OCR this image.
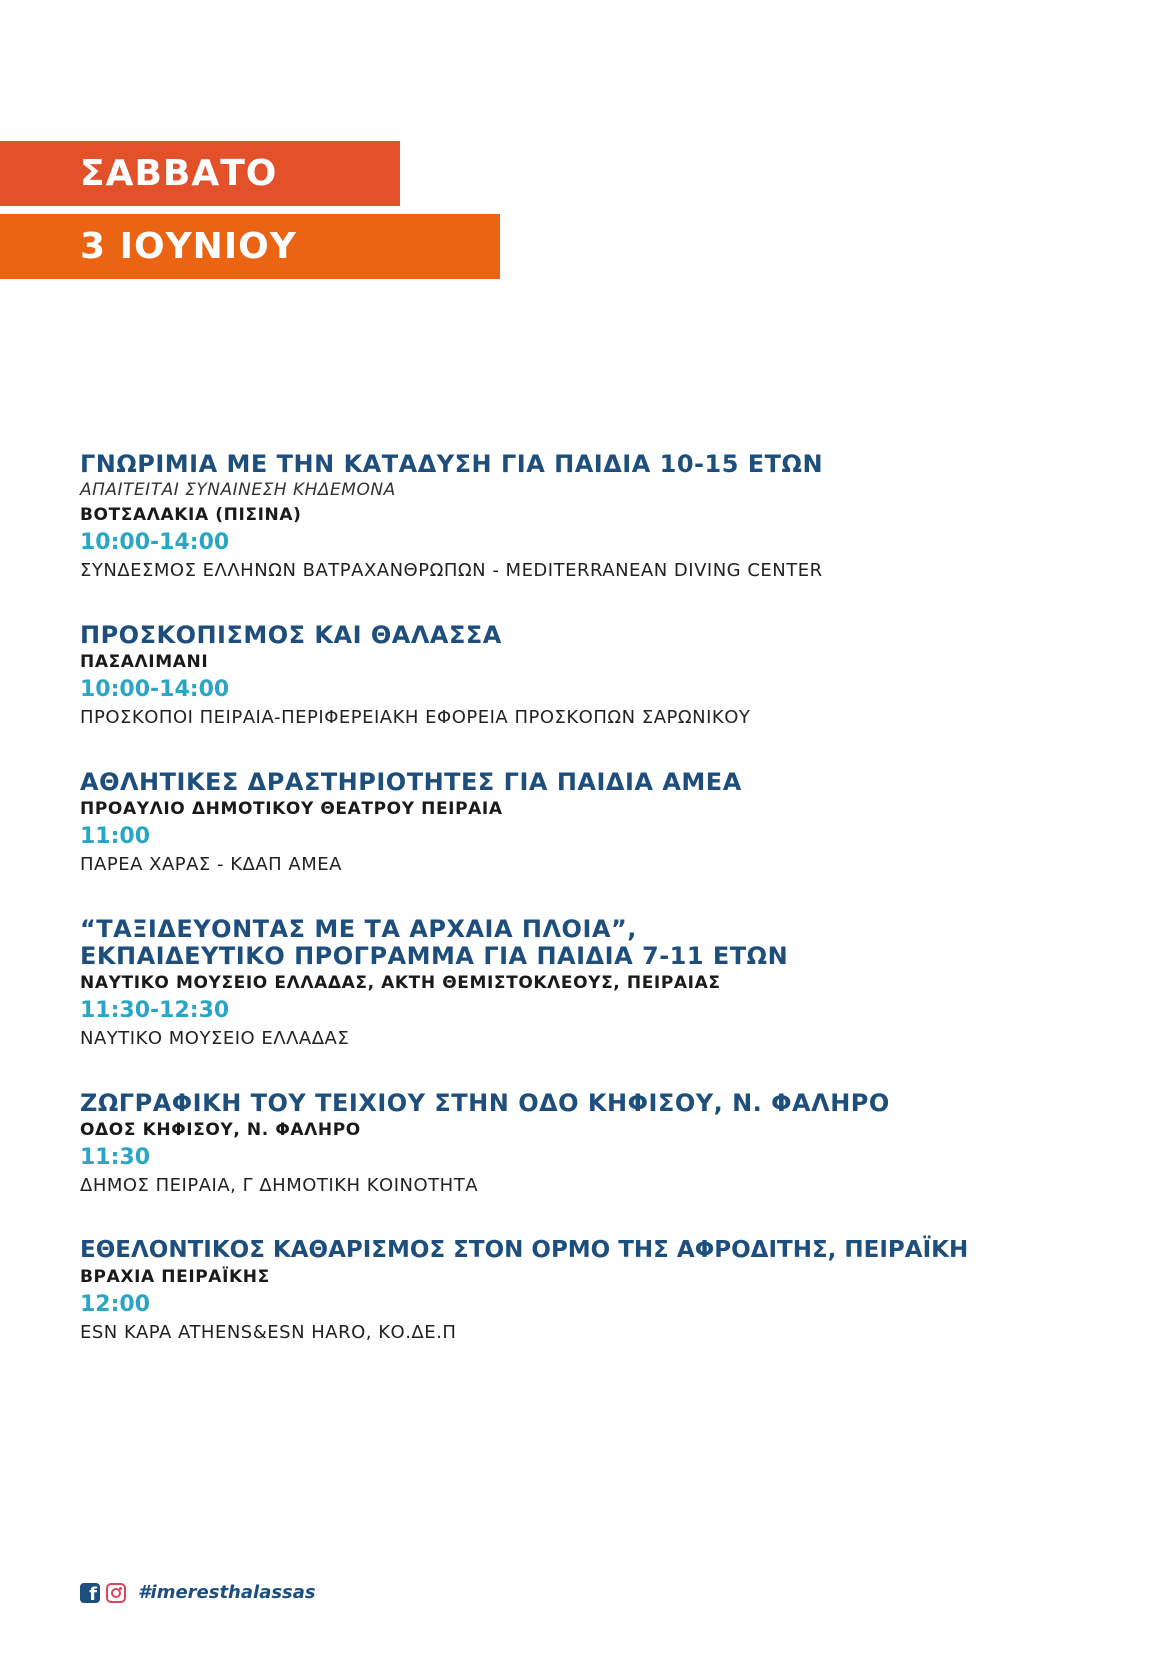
ΣΑΒΒΑΤΟ
3 ΙΟΥΝΙΟΥ
ΓΝΩΡΙΜΙΑ ΜΕ ΤΗΝ ΚΑΤΑΔΥΣΗ ΓΙΑ ΠΑΙΔΙΑ 10-15 ΕΤΩΝ
ΑΠΑΙΤΕΙΤΑΙ ΣΥΝΑΙΝΕΣΗ ΚΗΔΕΜΟΝΑ
ΒΟΤΣΑΛΑΚΙΑ (ΠΙΣΙΝΑ)
10:00-14:00
ΣΥΝΔΕΣΜΟΣ ΕΛΛΗΝΩΝ ΒΑΤΡΑΧΑΝΘΡΩΠΩΝ - MEDITERRANEAN DIVING CENTER
ΠΡΟΣΚΟΠΙΣΜΟΣ ΚΑΙ ΘΑΛΑΣΣΑ
ΠΑΣΑΛΙΜΑΝΙ
10:00-14:00
ΠΡΟΣΚΟΠΟΙ ΠΕΙΡΑΙΑ-ΠΕΡΙΦΕΡΕΙΑΚΗ ΕΦΟΡΕΙΑ ΠΡΟΣΚΟΠΩΝ ΣΑΡΩΝΙΚΟΥ
ΑΘΛΗΤΙΚΕΣ ΔΡΑΣΤΗΡΙΟΤΗΤΕΣ ΓΙΑ ΠΑΙΔΙΑ ΑΜΕΑ
ΠΡΟΑΥΛΙΟ ΔΗΜΟΤΙΚΟΥ ΘΕΑΤΡΟΥ ΠΕΙΡΑΙΑ
11:00
ΠΑΡΕΑ ΧΑΡΑΣ - ΚΔΑΠ ΑΜΕΑ
“ΤΑΞΙΔΕΥΟΝΤΑΣ ΜΕ ΤΑ ΑΡΧΑΙΑ ΠΛΟΙΑ”, ΕΚΠΑΙΔΕΥΤΙΚΟ ΠΡΟΓΡΑΜΜΑ ΓΙΑ ΠΑΙΔΙΑ 7-11 ΕΤΩΝ
ΝΑΥΤΙΚΟ ΜΟΥΣΕΙΟ ΕΛΛΑΔΑΣ, ΑΚΤΗ ΘΕΜΙΣΤΟΚΛΕΟΥΣ, ΠΕΙΡΑΙΑΣ
11:30-12:30
ΝΑΥΤΙΚΟ ΜΟΥΣΕΙΟ ΕΛΛΑΔΑΣ
ΖΩΓΡΑΦΙΚΗ ΤΟΥ ΤΕΙΧΙΟΥ ΣΤΗΝ ΟΔΟ ΚΗΦΙΣΟΥ, Ν. ΦΑΛΗΡΟ
ΟΔΟΣ ΚΗΦΙΣΟΥ, Ν. ΦΑΛΗΡΟ
11:30
ΔΗΜΟΣ ΠΕΙΡΑΙΑ, Γ ΔΗΜΟΤΙΚΗ ΚΟΙΝΟΤΗΤΑ
ΕΘΕΛΟΝΤΙΚΟΣ ΚΑΘΑΡΙΣΜΟΣ ΣΤΟΝ ΟΡΜΟ ΤΗΣ ΑΦΡΟΔΙΤΗΣ, ΠΕΙΡΑΪΚΗ
ΒΡΑΧΙΑ ΠΕΙΡΑΪΚΗΣ
12:00
ESN KAPA ATHENS&ESN HARO, ΚΟ.ΔΕ.Π
f
#imeresthalassas
